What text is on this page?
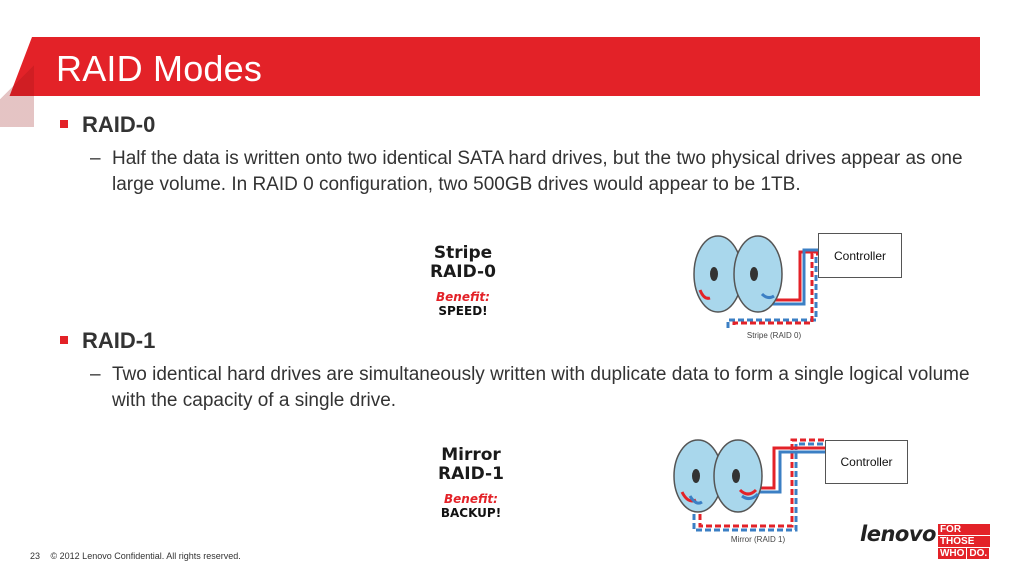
RAID Modes
RAID-0
– Half the data is written onto two identical SATA hard drives, but the two physical drives appear as one large volume. In RAID 0 configuration, two 500GB drives would appear to be 1TB.
Stripe
RAID-0
Benefit:
SPEED!
Stripe (RAID 0)
Controller
RAID-1
– Two identical hard drives are simultaneously written with duplicate data to form a single logical volume with the capacity of a single drive.
Mirror
RAID-1
Benefit:
BACKUP!
Mirror (RAID 1)
Controller
23 © 2012 Lenovo Confidential. All rights reserved.
lenovo FOR
THOSE
WHO DO.
